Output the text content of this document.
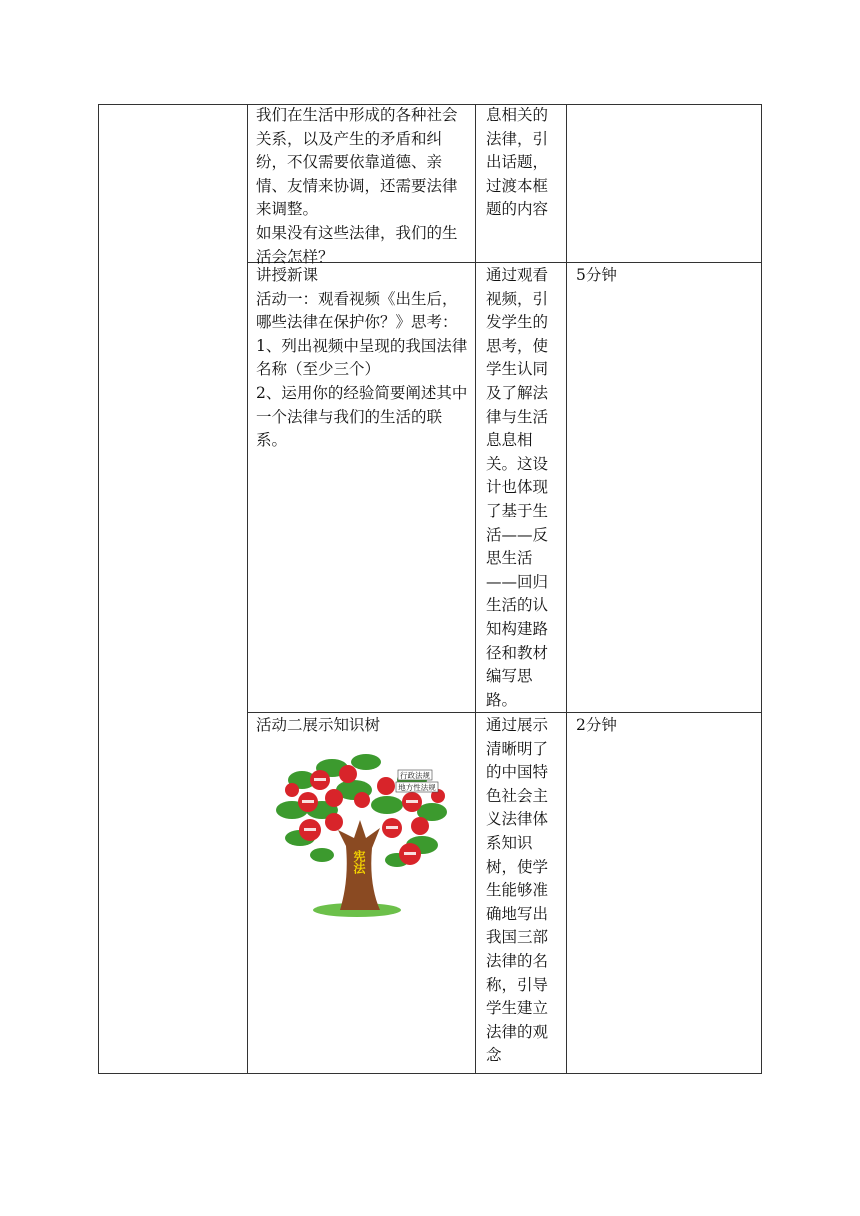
我们在生活中形成的各种社会关系，以及产生的矛盾和纠纷，不仅需要依靠道德、亲情、友情来协调，还需要法律来调整。
如果没有这些法律，我们的生活会怎样？
息相关的法律，引出话题，过渡本框题的内容
讲授新课
活动一：观看视频《出生后，哪些法律在保护你？》思考：
1、列出视频中呈现的我国法律名称（至少三个）
2、运用你的经验简要阐述其中一个法律与我们的生活的联系。
通过观看视频，引发学生的思考，使学生认同及了解法律与生活息息相关。这设计也体现了基于生活——反思生活——回归生活的认知构建路径和教材编写思路。
5分钟
活动二展示知识树	通过展示清晰明了的中国特色社会主义法律体系知识树，使学生能够准确地写出我国三部法律的名称，引导学生建立法律的观念
2分钟
行政法规
地方性法规
宪法
